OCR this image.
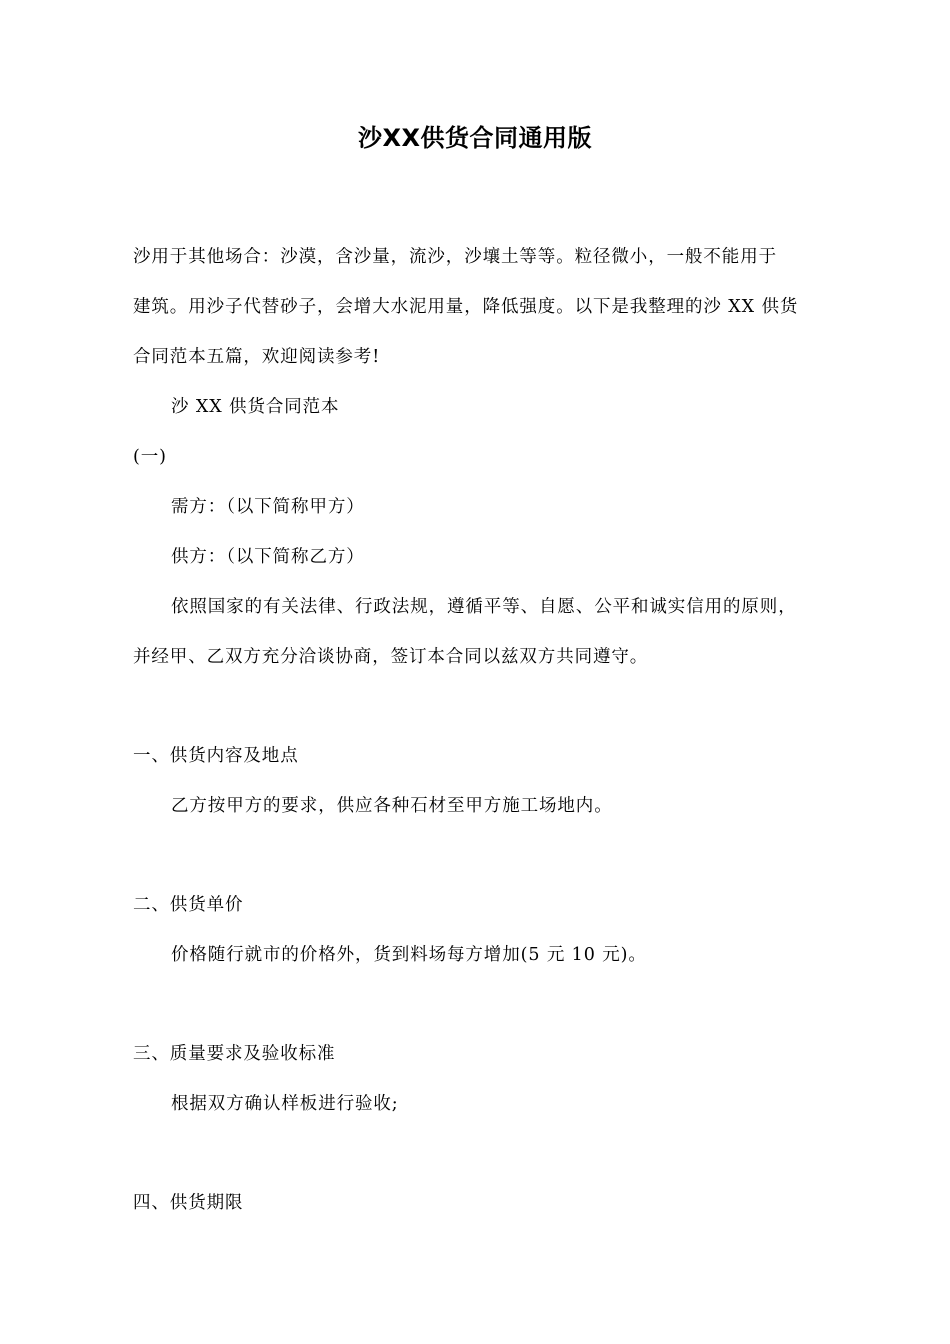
沙XX供货合同通用版
沙用于其他场合：沙漠，含沙量，流沙，沙壤土等等。粒径微小，一般不能用于
建筑。用沙子代替砂子，会增大水泥用量，降低强度。以下是我整理的沙 XX 供货
合同范本五篇，欢迎阅读参考!
沙 XX 供货合同范本
(一)
需方：（以下简称甲方）
供方：（以下简称乙方）
依照国家的有关法律、行政法规，遵循平等、自愿、公平和诚实信用的原则，
并经甲、乙双方充分洽谈协商，签订本合同以兹双方共同遵守。
一、供货内容及地点
乙方按甲方的要求，供应各种石材至甲方施工场地内。
二、供货单价
价格随行就市的价格外，货到料场每方增加(5 元 10 元)。
三、质量要求及验收标准
根据双方确认样板进行验收;
四、供货期限
